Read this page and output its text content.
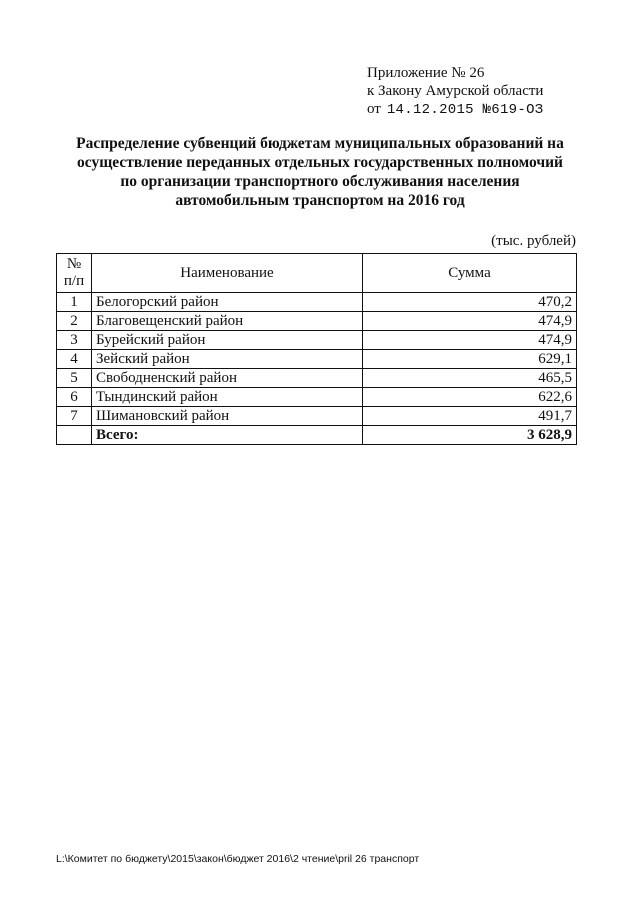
Приложение № 26
к Закону Амурской области
от 14.12.2015 №619-ОЗ
Распределение субвенций бюджетам муниципальных образований на
осуществление переданных отдельных государственных полномочий
по организации транспортного обслуживания населения
автомобильным транспортом на 2016 год
(тыс. рублей)
№
п/п	Наименование	Сумма
1	Белогорский район	470,2
2	Благовещенский район	474,9
3	Бурейский район	474,9
4	Зейский район	629,1
5	Свободненский район	465,5
6	Тындинский район	622,6
7	Шимановский район	491,7
	Всего:	3 628,9
L:\Комитет по бюджету\2015\закон\бюджет 2016\2 чтение\pril 26 транспорт
